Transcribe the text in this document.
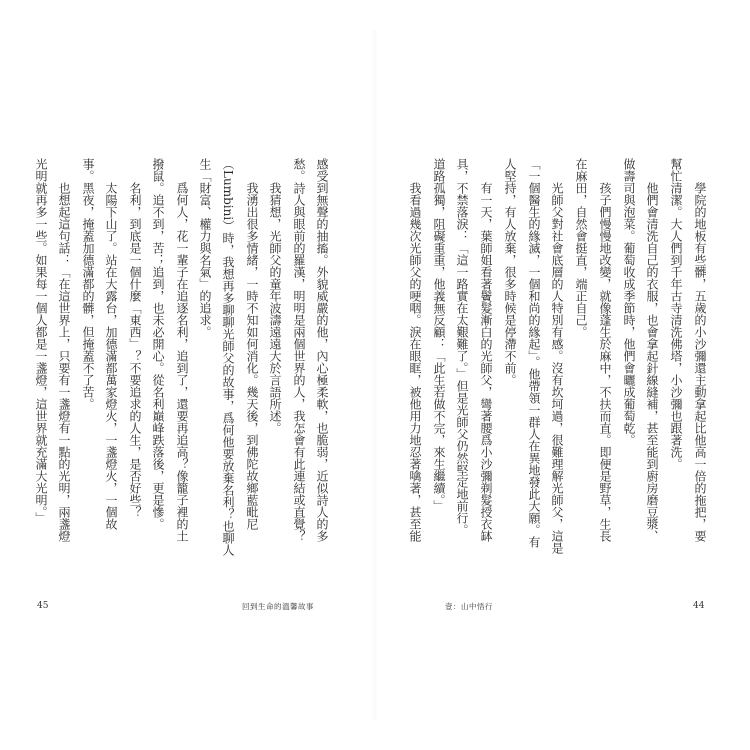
學院的地板有些髒，五歲的小沙彌還主動拿起比他高一倍的拖把，要
幫忙清潔。大人們到千年古寺清洗佛塔，小沙彌也跟著洗。
他們會清洗自己的衣服，也會拿起針線縫補，甚至能到廚房磨豆漿、
做壽司與泡菜。葡萄收成季節時，他們會曬成葡萄乾。
孩子們慢慢地改變，就像蓬生於麻中，不扶而直。即便是野草，生長
在麻田，自然會挺直，端正自己。
光師父對社會底層的人特別有感。沒有坎坷過，很難理解光師父，這是
「一個醫生的緣滅，一個和尚的緣起」。他帶領一群人在異地發此大願。有
人堅持，有人放棄，很多時候是停滯不前。
有一天，葉師姐看著鬢髮漸白的光師父，彎著腰爲小沙彌剃髮授衣缽
具，不禁落淚：「這一路實在太艱難了。」但是光師父仍然堅定地前行。
道路孤獨，阻礙重重，他義無反顧：「此生若做不完，來生繼續。」
我看過幾次光師父的哽咽。淚在眼眶，被他用力地忍著噙著，甚至能
壹：山中悟行	44
感受到無聲的抽搐。外貌威嚴的他，內心極柔軟，也脆弱，近似詩人的多
愁。詩人與眼前的羅漢，明明是兩個世界的人，我怎會有此連結或直覺？
我猜想，光師父的童年波濤遠遠大於言語所述。
我湧出很多情緒，一時不知如何消化。幾天後，到佛陀故鄉藍毗尼
（Lumbini）時，我想再多聊聊光師父的故事，爲何他要放棄名利？也聊人
生「財富、權力與名氣」的追求。
爲何人，花一輩子在追逐名利，追到了，還要再追高？像籠子裡的土
撥鼠。追不到，苦；追到，也未必開心。從名利巔峰跌落後，更是慘。
名利，到底是一個什麼「東西」？不要追求的人生，是否好些？
太陽下山了。站在大露台，加德滿都萬家燈火，一盞燈火，一個故
事。黑夜，掩蓋加德滿都的髒，但掩蓋不了苦。
也想起這句話：「在這世界上，只要有一盞燈有一點的光明，兩盞燈
光明就再多一些。如果每一個人都是一盞燈，這世界就充滿大光明。」
45	回到生命的溫馨故事
